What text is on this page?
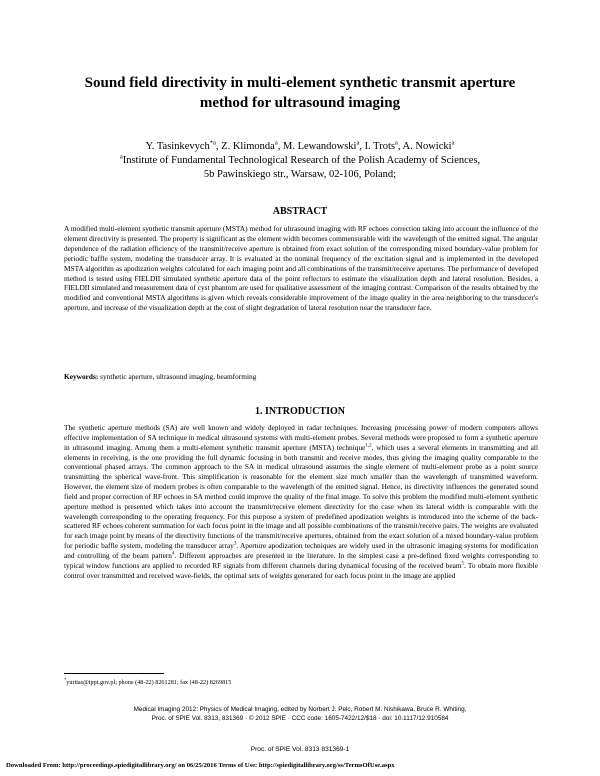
Sound field directivity in multi-element synthetic transmit aperture
method for ultrasound imaging
Y. Tasinkevych$^{*a}$, Z. Klimonda$^a$, M. Lewandowski$^a$, I. Trots$^a$, A. Nowicki$^a$
$^a$Institute of Fundamental Technological Research of the Polish Academy of Sciences,
5b Pawinskiego str., Warsaw, 02-106, Poland;
ABSTRACT
A modified multi-element synthetic transmit aperture (MSTA) method for ultrasound imaging with RF echoes correction taking into account the influence of the element directivity is presented. The property is significant as the element width becomes commensurable with the wavelength of the emitted signal. The angular dependence of the radiation efficiency of the transmit/receive aperture is obtained from exact solution of the corresponding mixed boundary-value problem for periodic baffle system, modeling the transducer array. It is evaluated at the nominal frequency of the excitation signal and is implemented in the developed MSTA algorithm as apodization weights calculated for each imaging point and all combinations of the transmit/receive apertures. The performance of developed method is tested using FIELDII simulated synthetic aperture data of the point reflectors to estimate the visualization depth and lateral resolution. Besides, a FIELDII simulated and measurement data of cyst phantom are used for qualitative assessment of the imaging contrast. Comparison of the results obtained by the modified and conventional MSTA algorithms is given which reveals considerable improvement of the image quality in the area neighboring to the transducer's aperture, and increase of the visualization depth at the cost of slight degradation of lateral resolution near the transducer face.
Keywords: synthetic aperture, ultrasound imaging, beamforming
1. INTRODUCTION
The synthetic aperture methods (SA) are well known and widely deployed in radar techniques. Increasing processing power of modern computers allows effective implementation of SA technique in medical ultrasound systems with multi-element probes. Several methods were proposed to form a synthetic aperture in ultrasound imaging. Among them a multi-element synthetic transmit aperture (MSTA) technique$^{1,2}$, which uses a several elements in transmitting and all elements in receiving, is the one providing the full dynamic focusing in both transmit and receive modes, thus giving the imaging quality comparable to the conventional phased arrays. The common approach to the SA in medical ultrasound assumes the single element of multi-element probe as a point source transmitting the spherical wave-front. This simplification is reasonable for the element size much smaller than the wavelength of transmitted waveform. However, the element size of modern probes is often comparable to the wavelength of the emitted signal. Hence, its directivity influences the generated sound field and proper correction of RF echoes in SA method could improve the quality of the final image. To solve this problem the modified multi-element synthetic aperture method is presented which takes into account the transmit/receive element directivity for the case when its lateral width is comparable with the wavelength corresponding to the operating frequency. For this purpose a system of predefined apodization weights is introduced into the scheme of the back-scattered RF echoes coherent summation for each focus point in the image and all possible combinations of the transmit/receive pairs. The weights are evaluated for each image point by means of the directivity functions of the transmit/receive apertures, obtained from the exact solution of a mixed boundary-value problem for periodic baffle system, modeling the transducer array$^3$. Aperture apodization techniques are widely used in the ultrasonic imaging systems for modification and controlling of the beam pattern$^4$. Different approaches are presented in the literature. In the simplest case a pre-defined fixed weights corresponding to typical window functions are applied to recorded RF signals from different channels during dynamical focusing of the received beam$^5$. To obtain more flexible control over transmitted and received wave-fields, the optimal sets of weights generated for each focus point in the image are applied
*yuritas@ippt.gov.pl; phone (48-22) 8261281; fax (48-22) 8269815
Medical Imaging 2012: Physics of Medical Imaging, edited by Norbert J. Pelc, Robert M. Nishikawa, Bruce R. Whiting,
Proc. of SPIE Vol. 8313, 831369 · © 2012 SPIE · CCC code: 1605-7422/12/$18 · doi: 10.1117/12.910584
Proc. of SPIE Vol. 8313 831369-1
Downloaded From: http://proceedings.spiedigitallibrary.org/ on 06/25/2016 Terms of Use: http://spiedigitallibrary.org/ss/TermsOfUse.aspx
